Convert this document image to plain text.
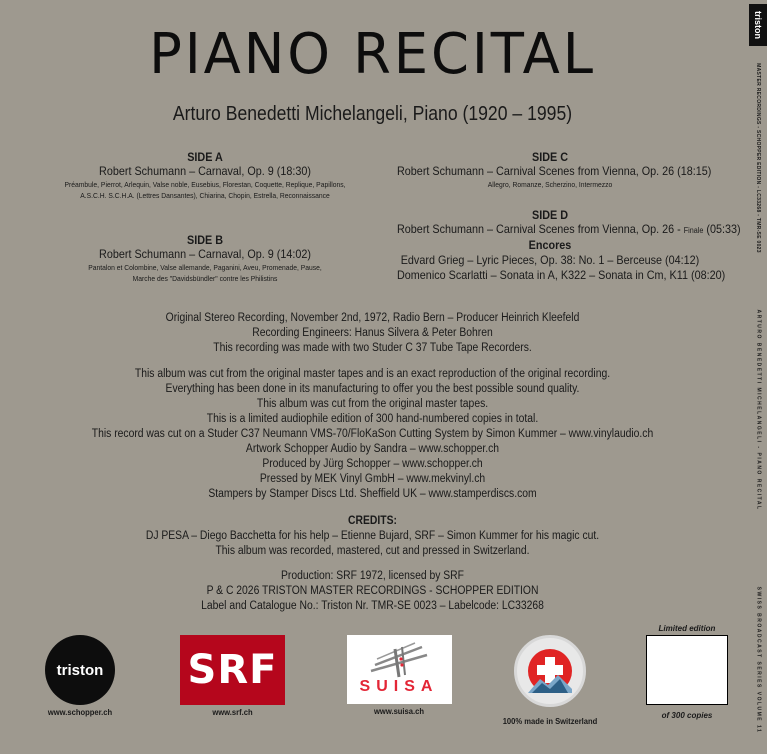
PIANO RECITAL
Arturo Benedetti Michelangeli, Piano (1920 – 1995)
SIDE A
Robert Schumann – Carnaval, Op. 9 (18:30)
Préambule, Pierrot, Arlequin, Valse noble, Eusebius, Florestan, Coquette, Replique, Papillons,
A.S.C.H. S.C.H.A. (Lettres Dansantes), Chiarina, Chopin, Estrella, Reconnaissance
SIDE B
Robert Schumann – Carnaval, Op. 9 (14:02)
Pantalon et Colombine, Valse allemande, Paganini, Aveu, Promenade, Pause,
Marche des "Davidsbündler" contre les Philistins
SIDE C
Robert Schumann – Carnival Scenes from Vienna, Op. 26 (18:15)
Allegro, Romanze, Scherzino, Intermezzo
SIDE D
Robert Schumann – Carnival Scenes from Vienna, Op. 26 - Finale (05:33)
Encores
Edvard Grieg – Lyric Pieces, Op. 38: No. 1 – Berceuse (04:12)
Domenico Scarlatti – Sonata in A, K322 – Sonata in Cm, K11 (08:20)
Original Stereo Recording, November 2nd, 1972, Radio Bern – Producer Heinrich Kleefeld
Recording Engineers: Hanus Silvera & Peter Bohren
This recording was made with two Studer C 37 Tube Tape Recorders.
This album was cut from the original master tapes and is an exact reproduction of the original recording.
Everything has been done in its manufacturing to offer you the best possible sound quality.
This album was cut from the original master tapes.
This is a limited audiophile edition of 300 hand-numbered copies in total.
This record was cut on a Studer C37 Neumann VMS-70/FloKaSon Cutting System by Simon Kummer – www.vinylaudio.ch
Artwork Schopper Audio by Sandra – www.schopper.ch
Produced by Jürg Schopper – www.schopper.ch
Pressed by MEK Vinyl GmbH – www.mekvinyl.ch
Stampers by Stamper Discs Ltd. Sheffield UK – www.stamperdiscs.com
CREDITS:
DJ PESA – Diego Bacchetta for his help – Etienne Bujard, SRF – Simon Kummer for his magic cut.
This album was recorded, mastered, cut and pressed in Switzerland.
Production: SRF 1972, licensed by SRF
P & C 2026 TRISTON MASTER RECORDINGS - SCHOPPER EDITION
Label and Catalogue No.: Triston Nr. TMR-SE 0023 – Labelcode: LC33268
triston
www.schopper.ch
SRF
www.srf.ch
SUISA
www.suisa.ch
100% made in Switzerland
Limited edition
of 300 copies
triston
MASTER RECORDINGS - SCHOPPER EDITION - LC33268 - TMR-SE 0023
ARTURO BENEDETTI MICHELANGELI - PIANO RECITAL
SWISS BROADCAST SERIES VOLUME 11
